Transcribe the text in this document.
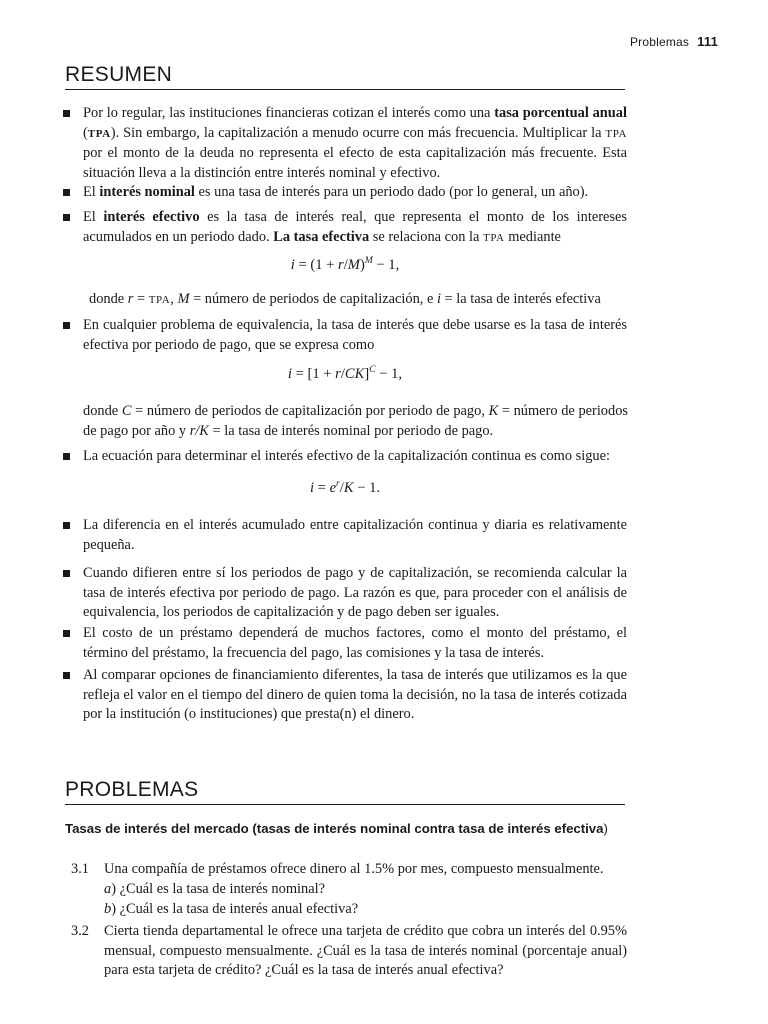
Problemas 111
RESUMEN
Por lo regular, las instituciones financieras cotizan el interés como una tasa porcentual anual (TPA). Sin embargo, la capitalización a menudo ocurre con más frecuencia. Multiplicar la TPA por el monto de la deuda no representa el efecto de esta capitalización más frecuente. Esta situación lleva a la distinción entre interés nominal y efectivo.
El interés nominal es una tasa de interés para un periodo dado (por lo general, un año).
El interés efectivo es la tasa de interés real, que representa el monto de los intereses acumulados en un periodo dado. La tasa efectiva se relaciona con la TPA mediante
$i = (1 + r/M)^M - 1$,
donde r = TPA, M = número de periodos de capitalización, e i = la tasa de interés efectiva
En cualquier problema de equivalencia, la tasa de interés que debe usarse es la tasa de interés efectiva por periodo de pago, que se expresa como
$i = [1 + r/CK]^C - 1$,
donde C = número de periodos de capitalización por periodo de pago, K = número de periodos de pago por año y r/K = la tasa de interés nominal por periodo de pago.
La ecuación para determinar el interés efectivo de la capitalización continua es como sigue:
$i = e^r/K - 1$.
La diferencia en el interés acumulado entre capitalización continua y diaria es relativamente pequeña.
Cuando difieren entre sí los periodos de pago y de capitalización, se recomienda calcular la tasa de interés efectiva por periodo de pago. La razón es que, para proceder con el análisis de equivalencia, los periodos de capitalización y de pago deben ser iguales.
El costo de un préstamo dependerá de muchos factores, como el monto del préstamo, el término del préstamo, la frecuencia del pago, las comisiones y la tasa de interés.
Al comparar opciones de financiamiento diferentes, la tasa de interés que utilizamos es la que refleja el valor en el tiempo del dinero de quien toma la decisión, no la tasa de interés cotizada por la institución (o instituciones) que presta(n) el dinero.
PROBLEMAS
Tasas de interés del mercado (tasas de interés nominal contra tasa de interés efectiva)
3.1 Una compañía de préstamos ofrece dinero al 1.5% por mes, compuesto mensualmente.
a) ¿Cuál es la tasa de interés nominal?
b) ¿Cuál es la tasa de interés anual efectiva?
3.2 Cierta tienda departamental le ofrece una tarjeta de crédito que cobra un interés del 0.95% mensual, compuesto mensualmente. ¿Cuál es la tasa de interés nominal (porcentaje anual) para esta tarjeta de crédito? ¿Cuál es la tasa de interés anual efectiva?
